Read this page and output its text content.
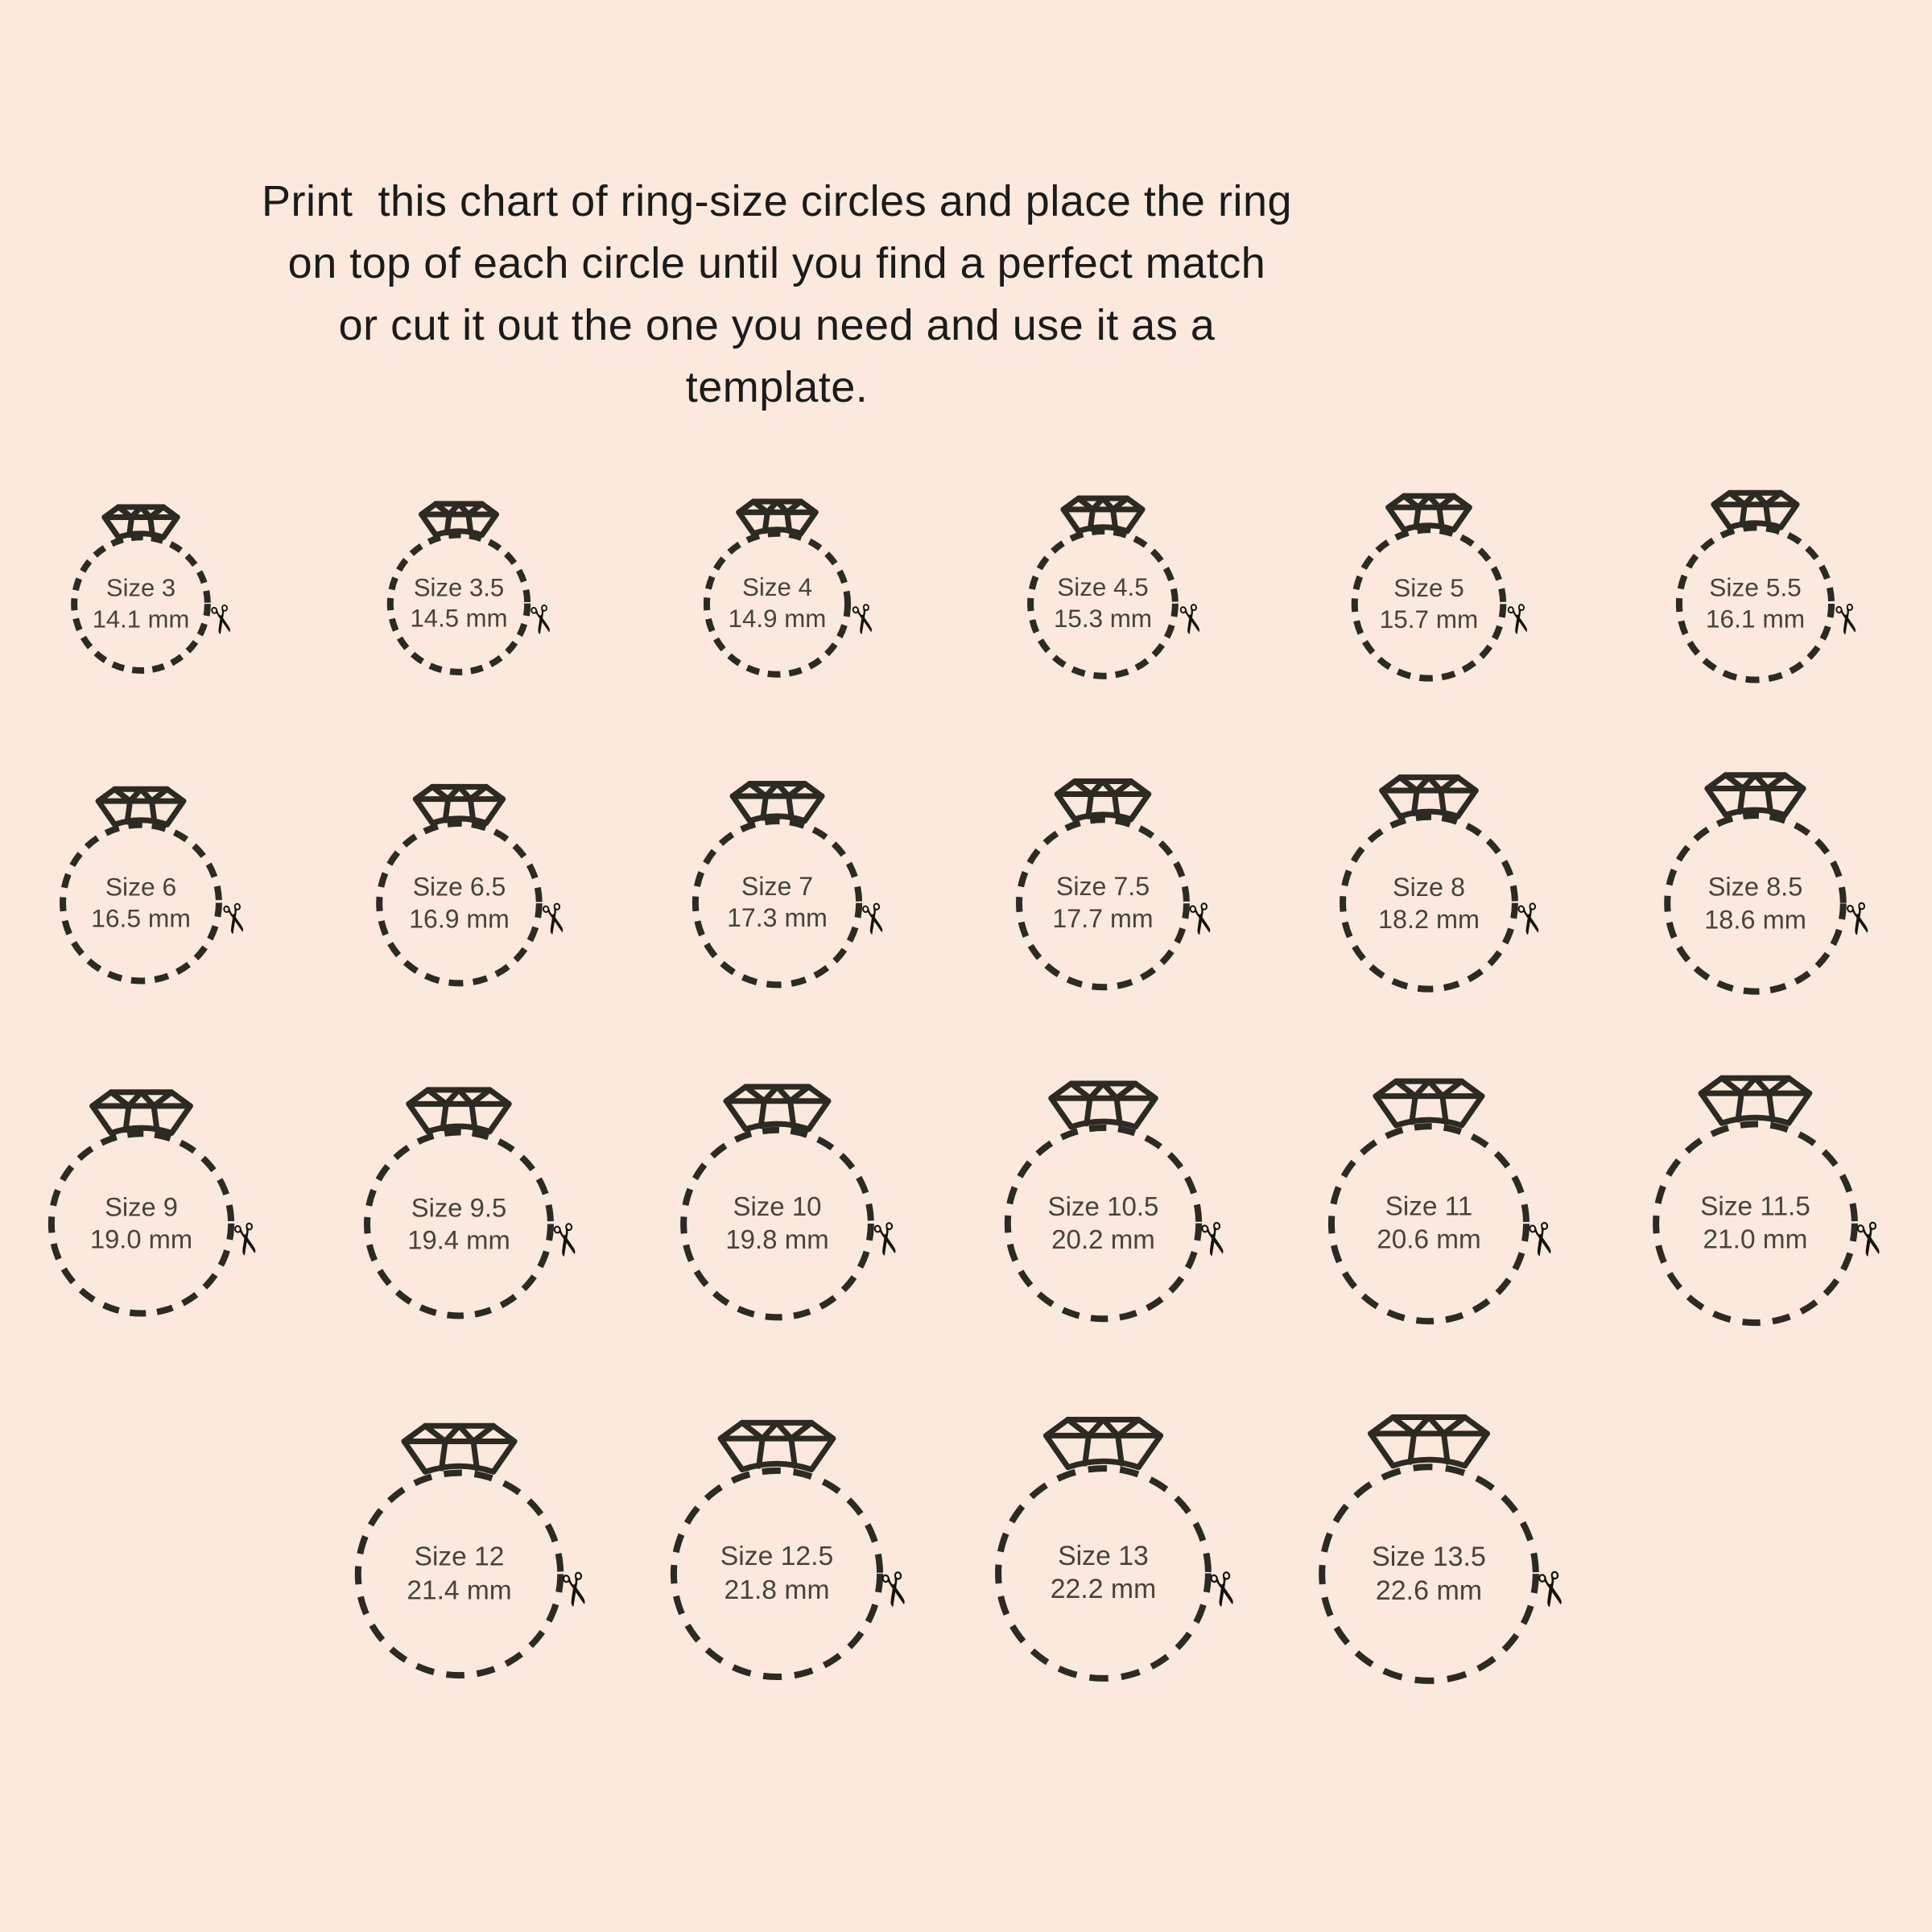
Print  this chart of ring-size circles and place the ring
on top of each circle until you find a perfect match
or cut it out the one you need and use it as a
template.
Size 3
14.1 mm ✂
Size 3.5
14.5 mm ✂
Size 4
14.9 mm ✂
Size 4.5
15.3 mm ✂
Size 5
15.7 mm ✂
Size 5.5
16.1 mm ✂
Size 6
16.5 mm ✂
Size 6.5
16.9 mm ✂
Size 7
17.3 mm ✂
Size 7.5
17.7 mm ✂
Size 8
18.2 mm ✂
Size 8.5
18.6 mm ✂
Size 9
19.0 mm ✂
Size 9.5
19.4 mm ✂
Size 10
19.8 mm ✂
Size 10.5
20.2 mm ✂
Size 11
20.6 mm ✂
Size 11.5
21.0 mm ✂
Size 12
21.4 mm ✂
Size 12.5
21.8 mm ✂
Size 13
22.2 mm ✂
Size 13.5
22.6 mm ✂
